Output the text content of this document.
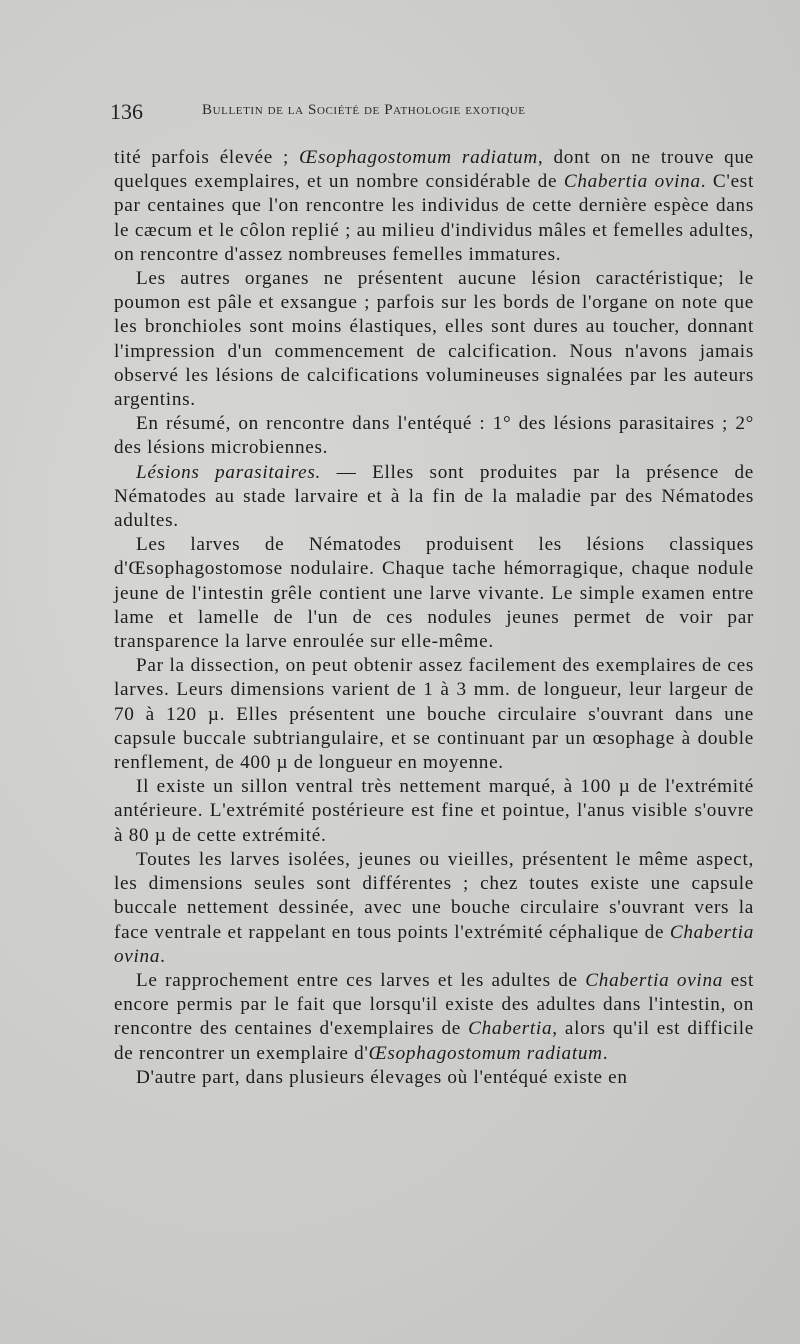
136	Bulletin de la Société de Pathologie exotique

tité parfois élevée ; Œsophagostomum radiatum, dont on ne trouve que quelques exemplaires, et un nombre considérable de Chabertia ovina. C'est par centaines que l'on rencontre les individus de cette dernière espèce dans le cæcum et le côlon replié ; au milieu d'individus mâles et femelles adultes, on rencontre d'assez nombreuses femelles immatures.

Les autres organes ne présentent aucune lésion caractéristique; le poumon est pâle et exsangue ; parfois sur les bords de l'organe on note que les bronchioles sont moins élastiques, elles sont dures au toucher, donnant l'impression d'un commencement de calcification. Nous n'avons jamais observé les lésions de calcifications volumineuses signalées par les auteurs argentins.

En résumé, on rencontre dans l'entéqué : 1° des lésions parasitaires ; 2° des lésions microbiennes.

Lésions parasitaires. — Elles sont produites par la présence de Nématodes au stade larvaire et à la fin de la maladie par des Nématodes adultes.

Les larves de Nématodes produisent les lésions classiques d'Œsophagostomose nodulaire. Chaque tache hémorragique, chaque nodule jeune de l'intestin grêle contient une larve vivante. Le simple examen entre lame et lamelle de l'un de ces nodules jeunes permet de voir par transparence la larve enroulée sur elle-même.

Par la dissection, on peut obtenir assez facilement des exemplaires de ces larves. Leurs dimensions varient de 1 à 3 mm. de longueur, leur largeur de 70 à 120 µ. Elles présentent une bouche circulaire s'ouvrant dans une capsule buccale subtriangulaire, et se continuant par un œsophage à double renflement, de 400 µ de longueur en moyenne.

Il existe un sillon ventral très nettement marqué, à 100 µ de l'extrémité antérieure. L'extrémité postérieure est fine et pointue, l'anus visible s'ouvre à 80 µ de cette extrémité.

Toutes les larves isolées, jeunes ou vieilles, présentent le même aspect, les dimensions seules sont différentes ; chez toutes existe une capsule buccale nettement dessinée, avec une bouche circulaire s'ouvrant vers la face ventrale et rappelant en tous points l'extrémité céphalique de Chabertia ovina.

Le rapprochement entre ces larves et les adultes de Chabertia ovina est encore permis par le fait que lorsqu'il existe des adultes dans l'intestin, on rencontre des centaines d'exemplaires de Chabertia, alors qu'il est difficile de rencontrer un exemplaire d'Œsophagostomum radiatum.

D'autre part, dans plusieurs élevages où l'entéqué existe en
